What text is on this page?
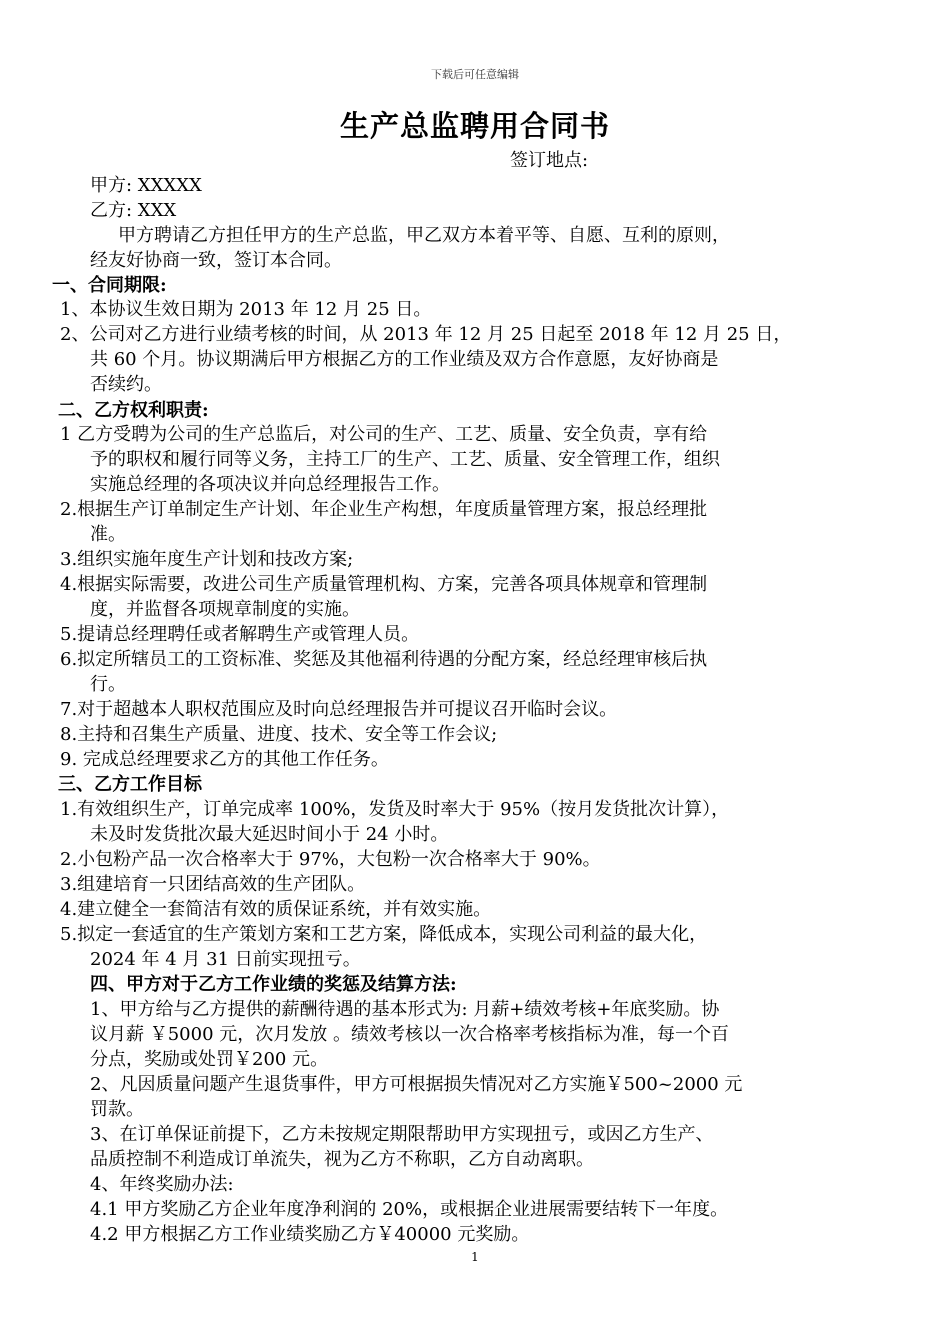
下载后可任意编辑
生产总监聘用合同书
签订地点:
甲方: XXXXX
乙方: XXX
甲方聘请乙方担任甲方的生产总监，甲乙双方本着平等、自愿、互利的原则，
经友好协商一致，签订本合同。
一、合同期限:
1、本协议生效日期为 2013 年 12 月 25 日。
2、公司对乙方进行业绩考核的时间，从 2013 年 12 月 25 日起至 2018 年 12 月 25 日，
共 60 个月。协议期满后甲方根据乙方的工作业绩及双方合作意愿，友好协商是
否续约。
二、乙方权利职责:
1 乙方受聘为公司的生产总监后，对公司的生产、工艺、质量、安全负责，享有给
予的职权和履行同等义务，主持工厂的生产、工艺、质量、安全管理工作，组织
实施总经理的各项决议并向总经理报告工作。
2.根据生产订单制定生产计划、年企业生产构想，年度质量管理方案，报总经理批
准。
3.组织实施年度生产计划和技改方案;
4.根据实际需要，改进公司生产质量管理机构、方案，完善各项具体规章和管理制
度，并监督各项规章制度的实施。
5.提请总经理聘任或者解聘生产或管理人员。
6.拟定所辖员工的工资标准、奖惩及其他福利待遇的分配方案，经总经理审核后执
行。
7.对于超越本人职权范围应及时向总经理报告并可提议召开临时会议。
8.主持和召集生产质量、进度、技术、安全等工作会议;
9. 完成总经理要求乙方的其他工作任务。
三、乙方工作目标
1.有效组织生产，订单完成率 100%，发货及时率大于 95%（按月发货批次计算），
未及时发货批次最大延迟时间小于 24 小时。
2.小包粉产品一次合格率大于 97%，大包粉一次合格率大于 90%。
3.组建培育一只团结高效的生产团队。
4.建立健全一套简洁有效的质保证系统，并有效实施。
5.拟定一套适宜的生产策划方案和工艺方案，降低成本，实现公司利益的最大化，
2024 年 4 月 31 日前实现扭亏。
四、甲方对于乙方工作业绩的奖惩及结算方法:
1、甲方给与乙方提供的薪酬待遇的基本形式为: 月薪+绩效考核+年底奖励。协
议月薪 ￥5000 元，次月发放 。绩效考核以一次合格率考核指标为准，每一个百
分点，奖励或处罚￥200 元。
2、凡因质量问题产生退货事件，甲方可根据损失情况对乙方实施￥500~2000 元
罚款。
3、在订单保证前提下，乙方未按规定期限帮助甲方实现扭亏，或因乙方生产、
品质控制不利造成订单流失，视为乙方不称职，乙方自动离职。
4、年终奖励办法:
4.1 甲方奖励乙方企业年度净利润的 20%，或根据企业进展需要结转下一年度。
4.2 甲方根据乙方工作业绩奖励乙方￥40000 元奖励。
1
